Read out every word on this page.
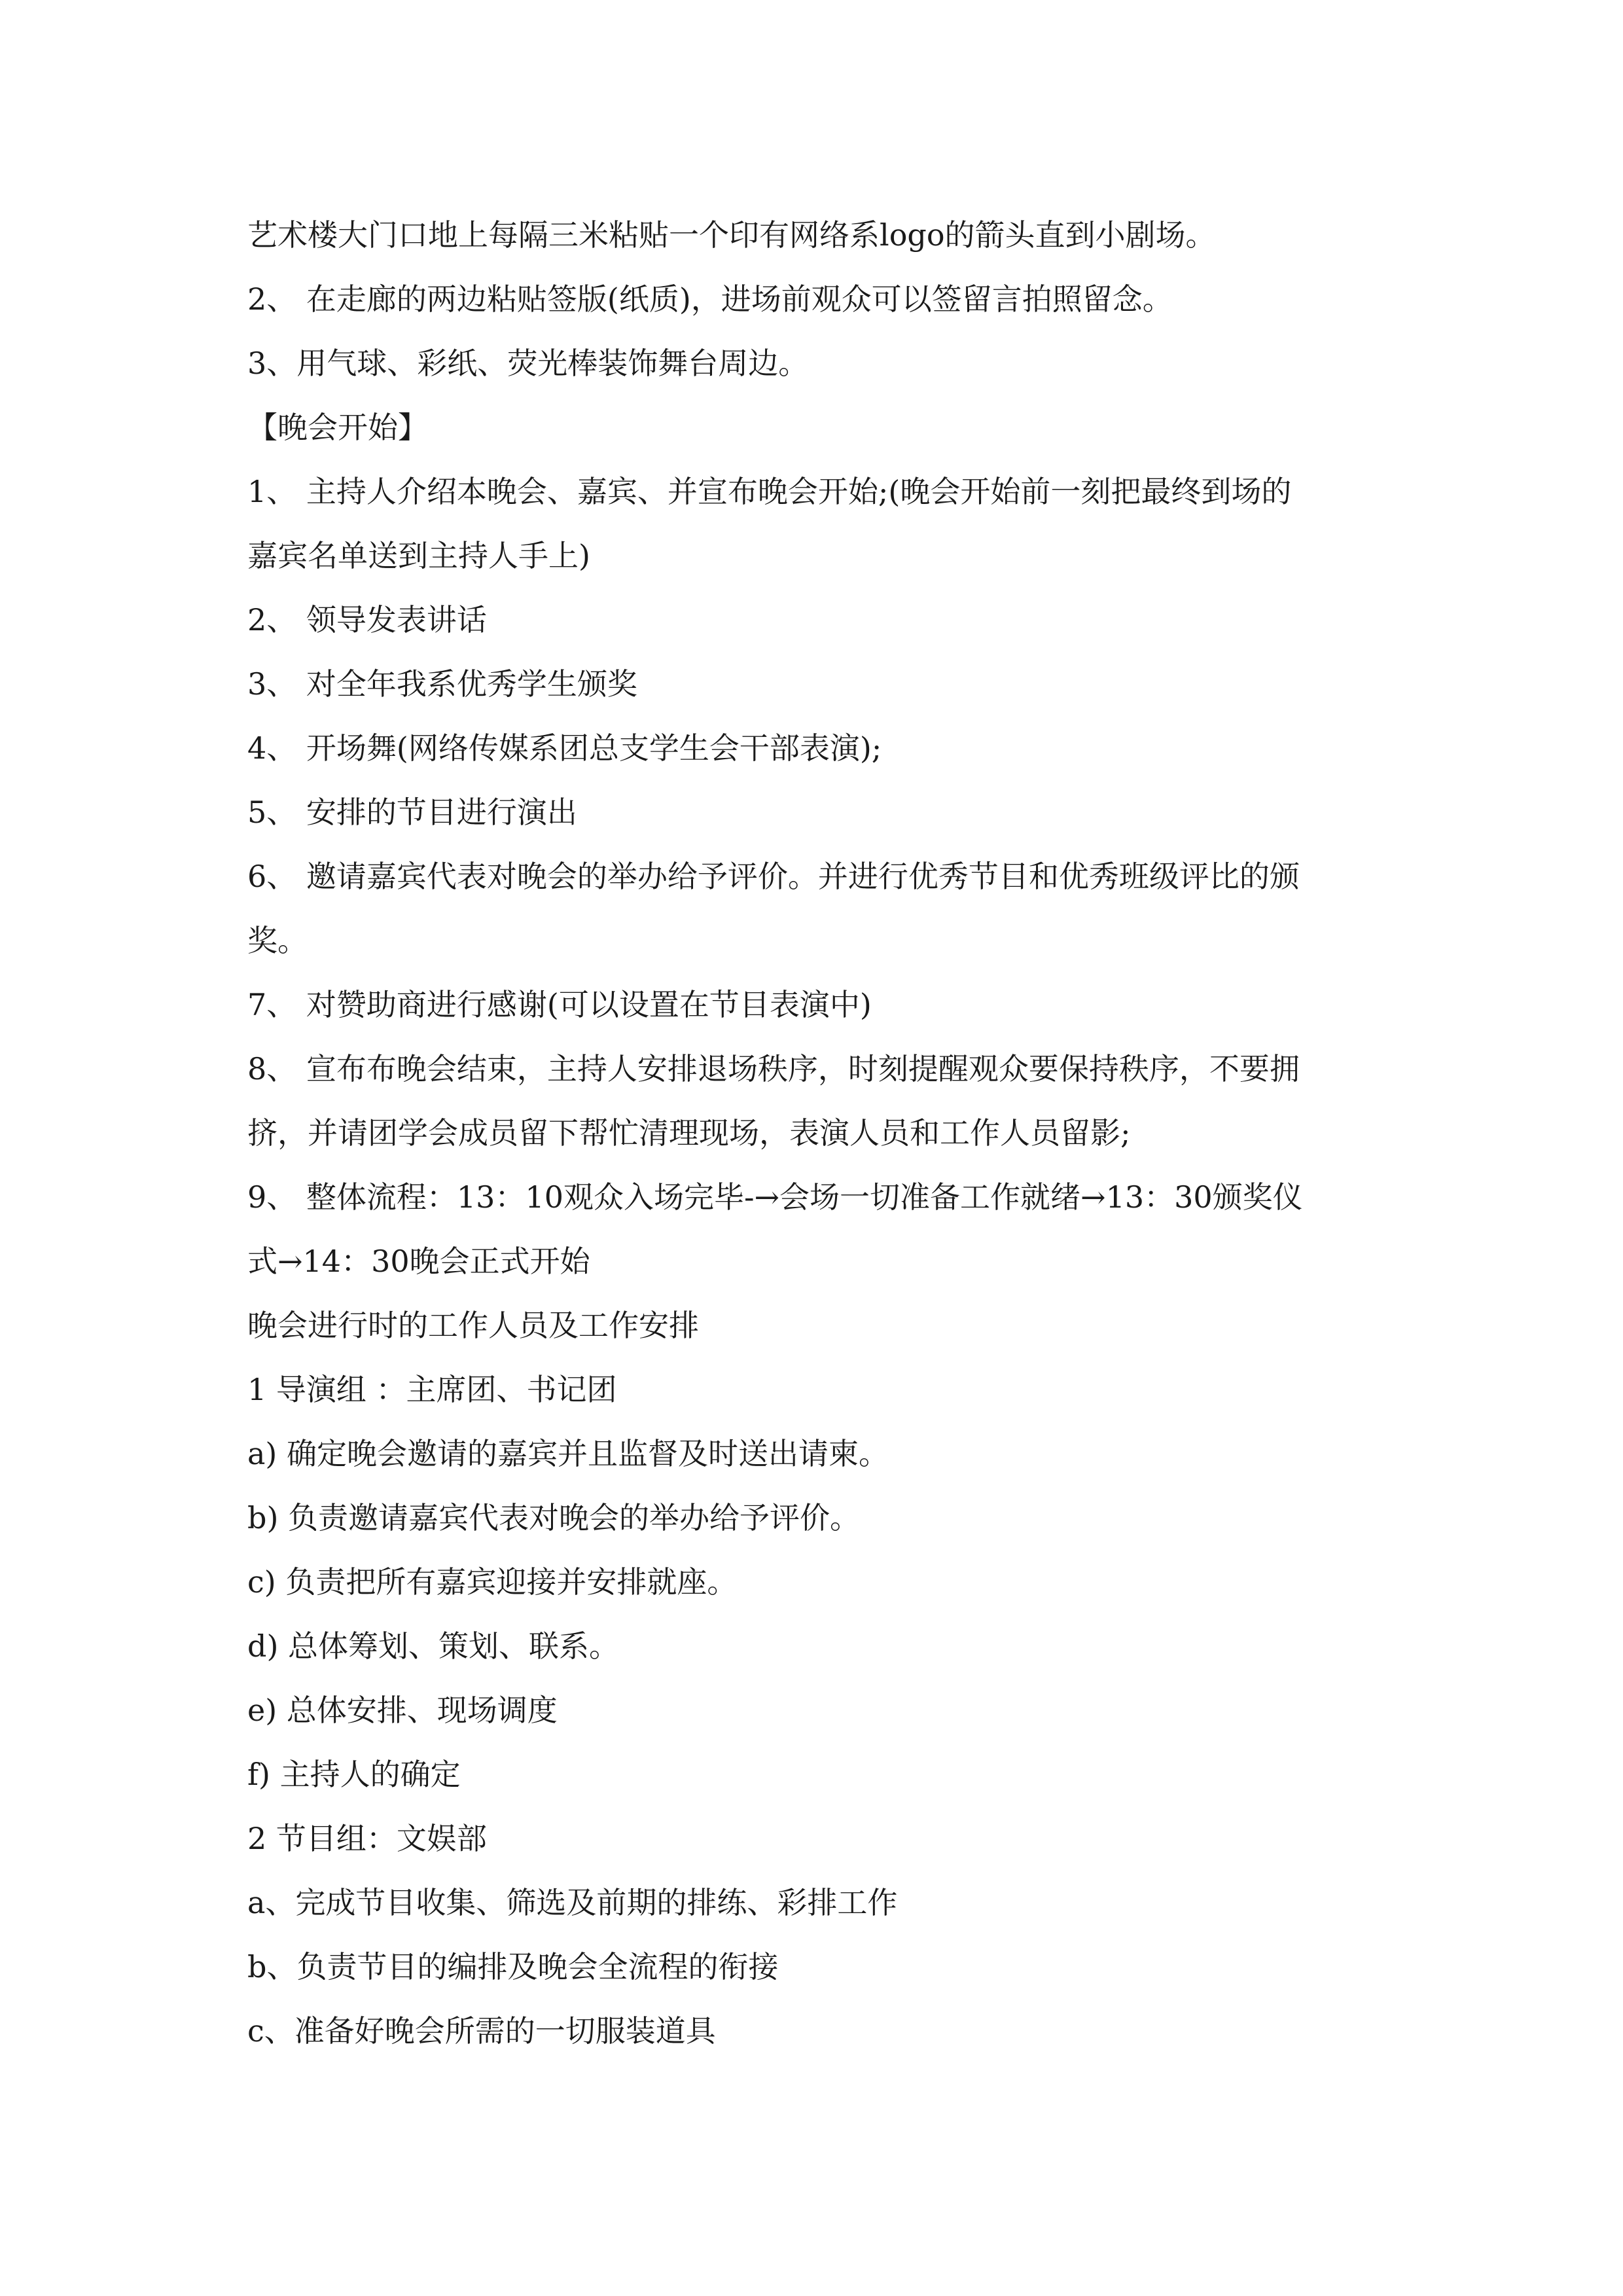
艺术楼大门口地上每隔三米粘贴一个印有网络系logo的箭头直到小剧场。

2、 在走廊的两边粘贴签版(纸质)，进场前观众可以签留言拍照留念。

3、用气球、彩纸、荧光棒装饰舞台周边。

【晚会开始】

1、 主持人介绍本晚会、嘉宾、并宣布晚会开始;(晚会开始前一刻把最终到场的

嘉宾名单送到主持人手上)

2、 领导发表讲话

3、 对全年我系优秀学生颁奖

4、 开场舞(网络传媒系团总支学生会干部表演);

5、 安排的节目进行演出

6、 邀请嘉宾代表对晚会的举办给予评价。并进行优秀节目和优秀班级评比的颁

奖。

7、 对赞助商进行感谢(可以设置在节目表演中)

8、 宣布布晚会结束，主持人安排退场秩序，时刻提醒观众要保持秩序，不要拥

挤，并请团学会成员留下帮忙清理现场，表演人员和工作人员留影;

9、 整体流程：13：10观众入场完毕-→会场一切准备工作就绪→13：30颁奖仪

式→14：30晚会正式开始

晚会进行时的工作人员及工作安排

1 导演组 ：主席团、书记团

a) 确定晚会邀请的嘉宾并且监督及时送出请柬。

b) 负责邀请嘉宾代表对晚会的举办给予评价。

c) 负责把所有嘉宾迎接并安排就座。

d) 总体筹划、策划、联系。

e) 总体安排、现场调度

f) 主持人的确定

2 节目组：文娱部

a、完成节目收集、筛选及前期的排练、彩排工作

b、负责节目的编排及晚会全流程的衔接

c、准备好晚会所需的一切服装道具
